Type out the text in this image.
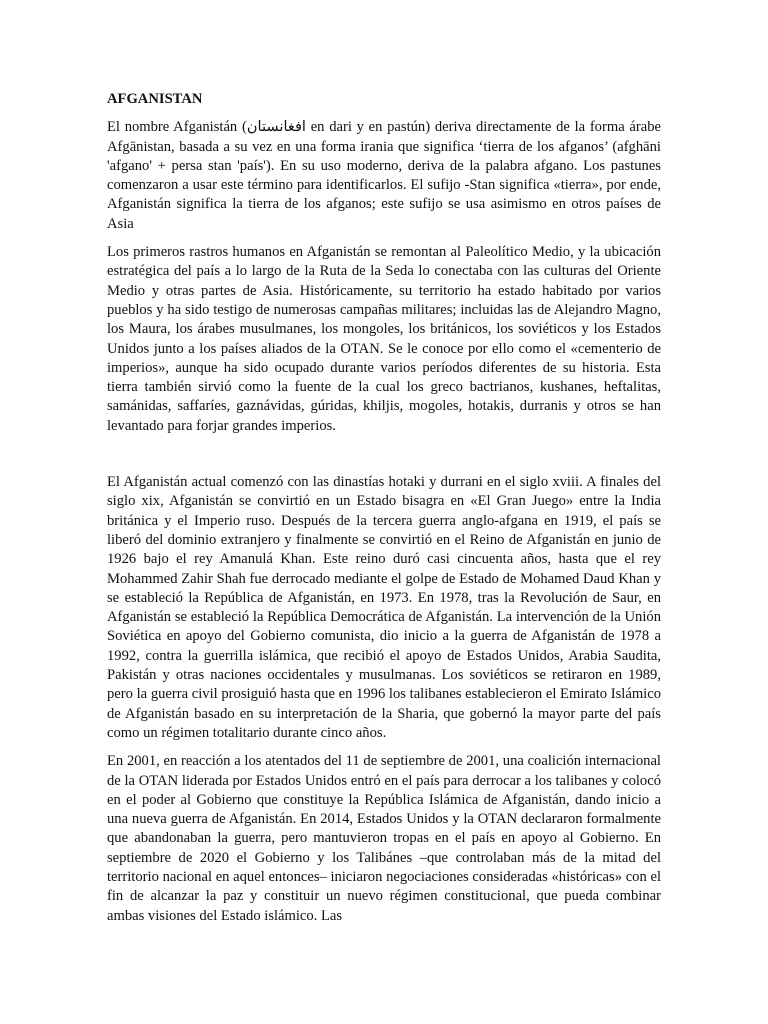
AFGANISTAN

El nombre Afganistán (افغانستان en dari y en pastún) deriva directamente de la forma árabe Afgānistan, basada a su vez en una forma irania que significa ‘tierra de los afganos’ (afghāni 'afgano' + persa stan 'país'). En su uso moderno, deriva de la palabra afgano. Los pastunes comenzaron a usar este término para identificarlos. El sufijo -Stan significa «tierra», por ende, Afganistán significa la tierra de los afganos; este sufijo se usa asimismo en otros países de Asia

Los primeros rastros humanos en Afganistán se remontan al Paleolítico Medio, y la ubicación estratégica del país a lo largo de la Ruta de la Seda lo conectaba con las culturas del Oriente Medio y otras partes de Asia. Históricamente, su territorio ha estado habitado por varios pueblos y ha sido testigo de numerosas campañas militares; incluidas las de Alejandro Magno, los Maura, los árabes musulmanes, los mongoles, los británicos, los soviéticos y los Estados Unidos junto a los países aliados de la OTAN. Se le conoce por ello como el «cementerio de imperios», aunque ha sido ocupado durante varios períodos diferentes de su historia. Esta tierra también sirvió como la fuente de la cual los greco bactrianos, kushanes, heftalitas, samánidas, saffaríes, gaznávidas, gúridas, khiljis, mogoles, hotakis, durranis y otros se han levantado para forjar grandes imperios.

El Afganistán actual comenzó con las dinastías hotaki y durrani en el siglo xviii. A finales del siglo xix, Afganistán se convirtió en un Estado bisagra en «El Gran Juego» entre la India británica y el Imperio ruso. Después de la tercera guerra anglo-afgana en 1919, el país se liberó del dominio extranjero y finalmente se convirtió en el Reino de Afganistán en junio de 1926 bajo el rey Amanulá Khan. Este reino duró casi cincuenta años, hasta que el rey Mohammed Zahir Shah fue derrocado mediante el golpe de Estado de Mohamed Daud Khan y se estableció la República de Afganistán, en 1973. En 1978, tras la Revolución de Saur, en Afganistán se estableció la República Democrática de Afganistán. La intervención de la Unión Soviética en apoyo del Gobierno comunista, dio inicio a la guerra de Afganistán de 1978 a 1992, contra la guerrilla islámica, que recibió el apoyo de Estados Unidos, Arabia Saudita, Pakistán y otras naciones occidentales y musulmanas. Los soviéticos se retiraron en 1989, pero la guerra civil prosiguió hasta que en 1996 los talibanes establecieron el Emirato Islámico de Afganistán basado en su interpretación de la Sharia, que gobernó la mayor parte del país como un régimen totalitario durante cinco años.

En 2001, en reacción a los atentados del 11 de septiembre de 2001, una coalición internacional de la OTAN liderada por Estados Unidos entró en el país para derrocar a los talibanes y colocó en el poder al Gobierno que constituye la República Islámica de Afganistán, dando inicio a una nueva guerra de Afganistán. En 2014, Estados Unidos y la OTAN declararon formalmente que abandonaban la guerra, pero mantuvieron tropas en el país en apoyo al Gobierno. En septiembre de 2020 el Gobierno y los Talibánes –que controlaban más de la mitad del territorio nacional en aquel entonces– iniciaron negociaciones consideradas «históricas» con el fin de alcanzar la paz y constituir un nuevo régimen constitucional, que pueda combinar ambas visiones del Estado islámico. Las
